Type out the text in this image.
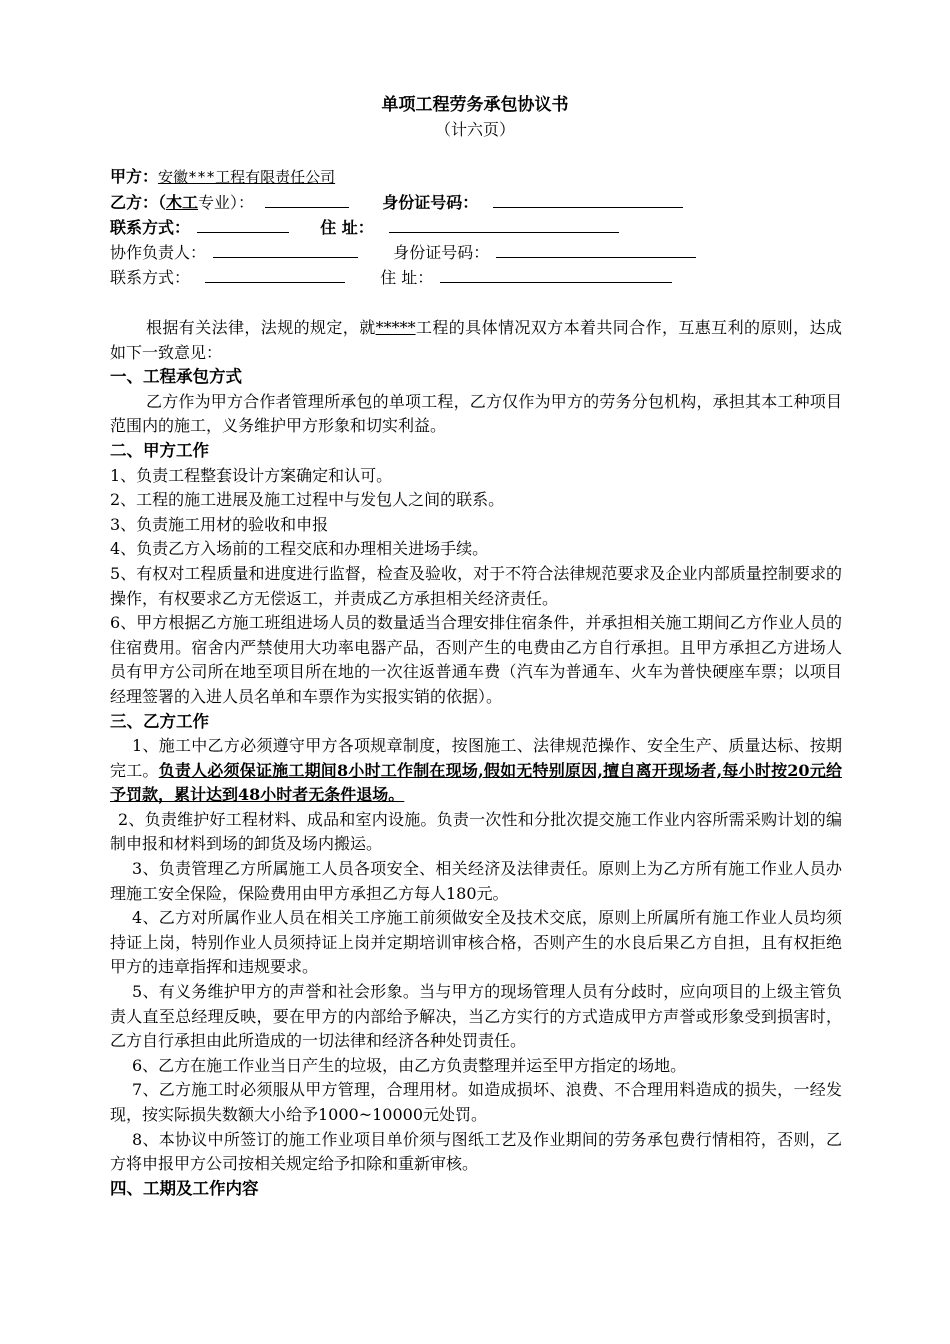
单项工程劳务承包协议书
（计六页）
甲方：安徽***工程有限责任公司
乙方：（木工专业）：	身份证号码：
联系方式：	住 址：
协作负责人：	身份证号码：
联系方式：	住 址：

根据有关法律，法规的规定，就*****工程的具体情况双方本着共同合作，互惠互利的原则，达成如下一致意见：

一、工程承包方式

乙方作为甲方合作者管理所承包的单项工程，乙方仅作为甲方的劳务分包机构，承担其本工种项目范围内的施工，义务维护甲方形象和切实利益。

二、甲方工作

1、负责工程整套设计方案确定和认可。

2、工程的施工进展及施工过程中与发包人之间的联系。

3、负责施工用材的验收和申报

4、负责乙方入场前的工程交底和办理相关进场手续。

5、有权对工程质量和进度进行监督，检查及验收，对于不符合法律规范要求及企业内部质量控制要求的操作，有权要求乙方无偿返工，并责成乙方承担相关经济责任。

6、甲方根据乙方施工班组进场人员的数量适当合理安排住宿条件，并承担相关施工期间乙方作业人员的住宿费用。宿舍内严禁使用大功率电器产品，否则产生的电费由乙方自行承担。且甲方承担乙方进场人员有甲方公司所在地至项目所在地的一次往返普通车费（汽车为普通车、火车为普快硬座车票；以项目经理签署的入进人员名单和车票作为实报实销的依据）。

三、乙方工作

1、施工中乙方必须遵守甲方各项规章制度，按图施工、法律规范操作、安全生产、质量达标、按期完工。负责人必须保证施工期间8小时工作制在现场,假如无特别原因,擅自离开现场者,每小时按20元给予罚款，累计达到48小时者无条件退场。

2、负责维护好工程材料、成品和室内设施。负责一次性和分批次提交施工作业内容所需采购计划的编制申报和材料到场的卸货及场内搬运。

3、负责管理乙方所属施工人员各项安全、相关经济及法律责任。原则上为乙方所有施工作业人员办理施工安全保险，保险费用由甲方承担乙方每人180元。

4、乙方对所属作业人员在相关工序施工前须做安全及技术交底，原则上所属所有施工作业人员均须持证上岗，特别作业人员须持证上岗并定期培训审核合格，否则产生的水良后果乙方自担，且有权拒绝甲方的违章指挥和违规要求。

5、有义务维护甲方的声誉和社会形象。当与甲方的现场管理人员有分歧时，应向项目的上级主管负责人直至总经理反映，要在甲方的内部给予解决，当乙方实行的方式造成甲方声誉或形象受到损害时，乙方自行承担由此所造成的一切法律和经济各种处罚责任。

6、乙方在施工作业当日产生的垃圾，由乙方负责整理并运至甲方指定的场地。

7、乙方施工时必须服从甲方管理，合理用材。如造成损坏、浪费、不合理用料造成的损失，一经发现，按实际损失数额大小给予1000~10000元处罚。

8、本协议中所签订的施工作业项目单价须与图纸工艺及作业期间的劳务承包费行情相符，否则，乙方将申报甲方公司按相关规定给予扣除和重新审核。

四、工期及工作内容
